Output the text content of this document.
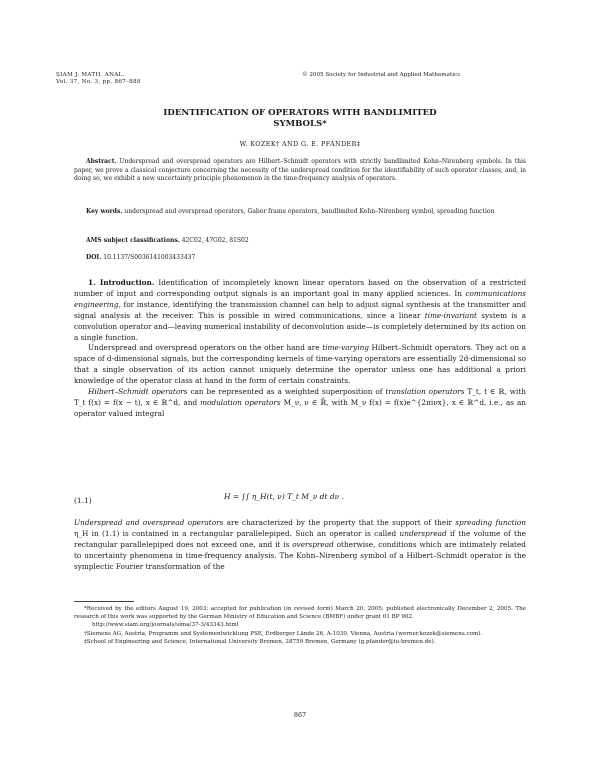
SIAM J. MATH. ANAL.
Vol. 37, No. 3, pp. 867–888
© 2005 Society for Industrial and Applied Mathematics
IDENTIFICATION OF OPERATORS WITH BANDLIMITED
SYMBOLS*
W. KOZEK† AND G. E. PFANDER‡

Abstract. Underspread and overspread operators are Hilbert–Schmidt operators with strictly bandlimited Kohn–Nirenberg symbols. In this paper, we prove a classical conjecture concerning the necessity of the underspread condition for the identifiability of such operator classes, and, in doing so, we exhibit a new uncertainty principle phenomenon in the time-frequency analysis of operators.

Key words. underspread and overspread operators, Gabor frame operators, bandlimited Kohn–Nirenberg symbol, spreading function

AMS subject classifications. 42C02, 47G02, 81S02

DOI. 10.1137/S0036141003433437

1. Introduction. Identification of incompletely known linear operators based on the observation of a restricted number of input and corresponding output signals is an important goal in many applied sciences. In communications engineering, for instance, identifying the transmission channel can help to adjust signal synthesis at the transmitter and signal analysis at the receiver. This is possible in wired communications, since a linear time-invariant system is a convolution operator and—leaving numerical instability of deconvolution aside—is completely determined by its action on a single function.

Underspread and overspread operators on the other hand are time-varying Hilbert–Schmidt operators. They act on a space of d-dimensional signals, but the corresponding kernels of time-varying operators are essentially 2d-dimensional so that a single observation of its action cannot uniquely determine the operator unless one has additional a priori knowledge of the operator class at hand in the form of certain constraints.

Hilbert–Schmidt operators can be represented as a weighted superposition of translation operators T_t, t ∈ ℝ, with T_t f(x) = f(x − t), x ∈ ℝ^d, and modulation operators M_ν, ν ∈ ℝ̂, with M_ν f(x) = f(x)e^{2πiνx}, x ∈ ℝ^d, i.e., as an operator valued integral

(1.1)	H = ∫∫ η_H(t, ν) T_t M_ν dt dν .

Underspread and overspread operators are characterized by the property that the support of their spreading function η_H in (1.1) is contained in a rectangular parallelepiped. Such an operator is called underspread if the volume of the rectangular parallelepiped does not exceed one, and it is overspread otherwise, conditions which are intimately related to uncertainty phenomena in time-frequency analysis. The Kohn–Nirenberg symbol of a Hilbert–Schmidt operator is the symplectic Fourier transformation of the

*Received by the editors August 19, 2003; accepted for publication (in revised form) March 20, 2005; published electronically December 2, 2005. The research of this work was supported by the German Ministry of Education and Science (BMBF) under grant 01 BP 902.

http://www.siam.org/journals/sima/37-3/43343.html

†Siemens AG, Austria, Programm und Systementwicklung PSE, Erdberger Lände 26, A-1030, Vienna, Austria (werner.kozek@siemens.com).

‡School of Engineering and Science, International University Bremen, 28759 Bremen, Germany (g.pfander@iu-bremen.de).

867
